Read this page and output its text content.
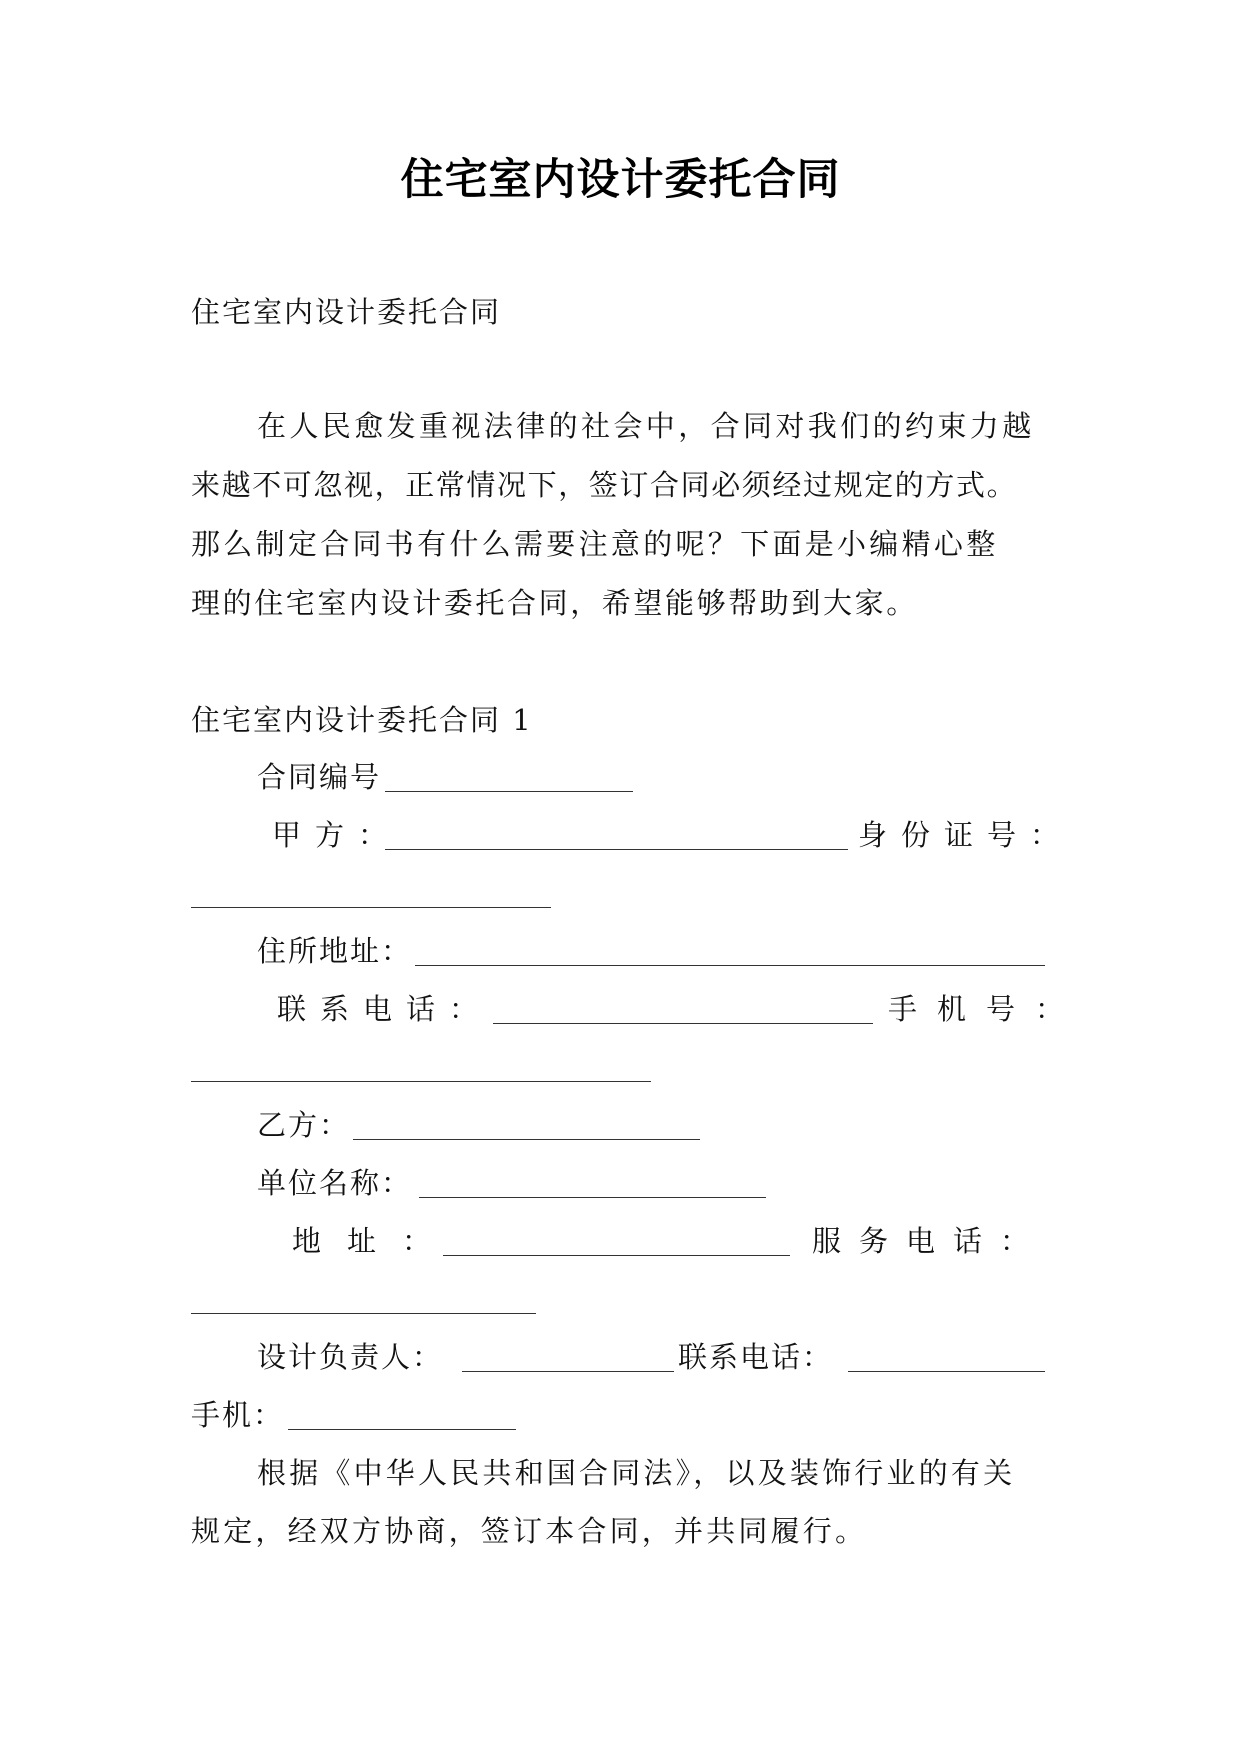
住宅室内设计委托合同
住宅室内设计委托合同
在人民愈发重视法律的社会中，合同对我们的约束力越
来越不可忽视，正常情况下，签订合同必须经过规定的方式。
那么制定合同书有什么需要注意的呢？下面是小编精心整
理的住宅室内设计委托合同，希望能够帮助到大家。
住宅室内设计委托合同 1
合同编号
甲方：	身份证号：
住所地址：
联系电话：	手机号：
乙方：
单位名称：
地址：	服务电话：
设计负责人：	联系电话：
手机：
根据《中华人民共和国合同法》，以及装饰行业的有关
规定，经双方协商，签订本合同，并共同履行。
